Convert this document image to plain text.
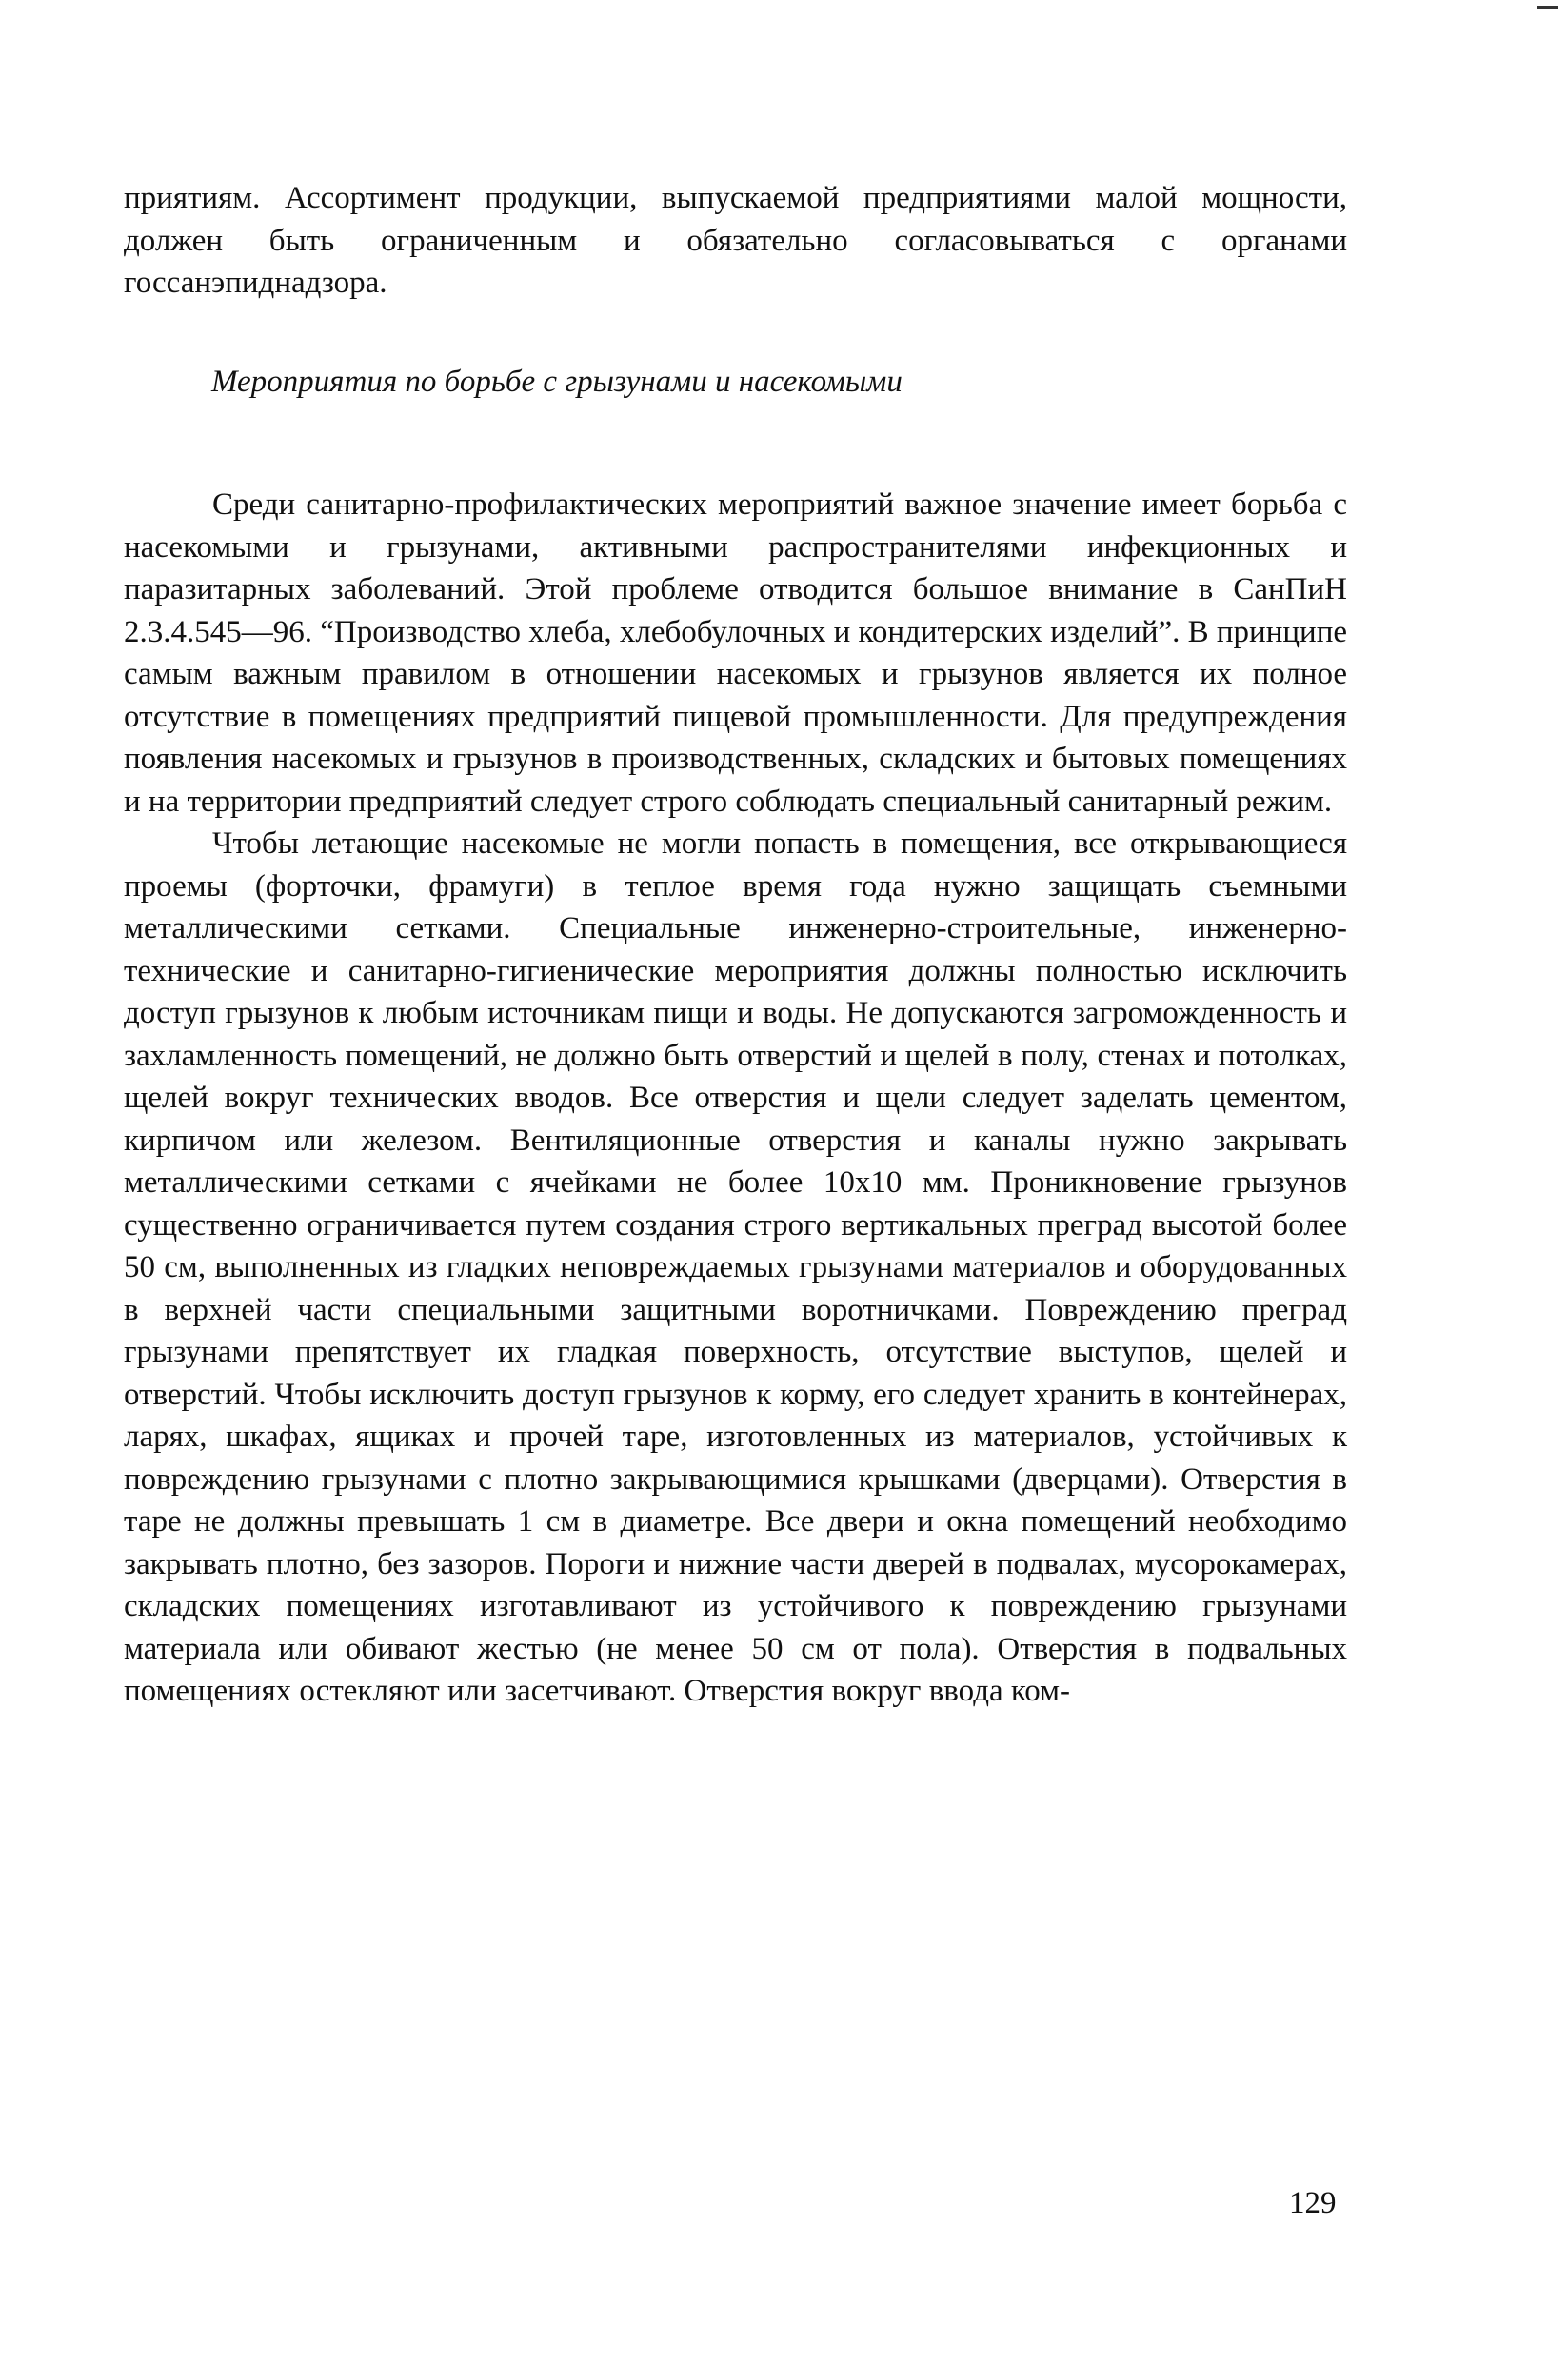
приятиям. Ассортимент продукции, выпускаемой предприятиями малой мощности, должен быть ограниченным и обязательно согласовываться с органами госсанэпиднадзора.

Мероприятия по борьбе с грызунами и насекомыми

Среди санитарно-профилактических мероприятий важное значение имеет борьба с насекомыми и грызунами, активными распространителями инфекционных и паразитарных заболеваний. Этой проблеме отводится большое внимание в СанПиН 2.3.4.545—96. “Производство хлеба, хлебобулочных и кондитерских изделий”. В принципе самым важным правилом в отношении насекомых и грызунов является их полное отсутствие в помещениях предприятий пищевой промышленности. Для предупреждения появления насекомых и грызунов в производственных, складских и бытовых помещениях и на территории предприятий следует строго соблюдать специальный санитарный режим.

Чтобы летающие насекомые не могли попасть в помещения, все открывающиеся проемы (форточки, фрамуги) в теплое время года нужно защищать съемными металлическими сетками. Специальные инженерно-строительные, инженерно-технические и санитарно-гигиенические мероприятия должны полностью исключить доступ грызунов к любым источникам пищи и воды. Не допускаются загроможденность и захламленность помещений, не должно быть отверстий и щелей в полу, стенах и потолках, щелей вокруг технических вводов. Все отверстия и щели следует заделать цементом, кирпичом или железом. Вентиляционные отверстия и каналы нужно закрывать металлическими сетками с ячейками не более 10x10 мм. Проникновение грызунов существенно ограничивается путем создания строго вертикальных преград высотой более 50 см, выполненных из гладких неповреждаемых грызунами материалов и оборудованных в верхней части специальными защитными воротничками. Повреждению преград грызунами препятствует их гладкая поверхность, отсутствие выступов, щелей и отверстий. Чтобы исключить доступ грызунов к корму, его следует хранить в контейнерах, ларях, шкафах, ящиках и прочей таре, изготовленных из материалов, устойчивых к повреждению грызунами с плотно закрывающимися крышками (дверцами). Отверстия в таре не должны превышать 1 см в диаметре. Все двери и окна помещений необходимо закрывать плотно, без зазоров. Пороги и нижние части дверей в подвалах, мусорокамерах, складских помещениях изготавливают из устойчивого к повреждению грызунами материала или обивают жестью (не менее 50 см от пола). Отверстия в подвальных помещениях остекляют или засетчивают. Отверстия вокруг ввода ком-

129
